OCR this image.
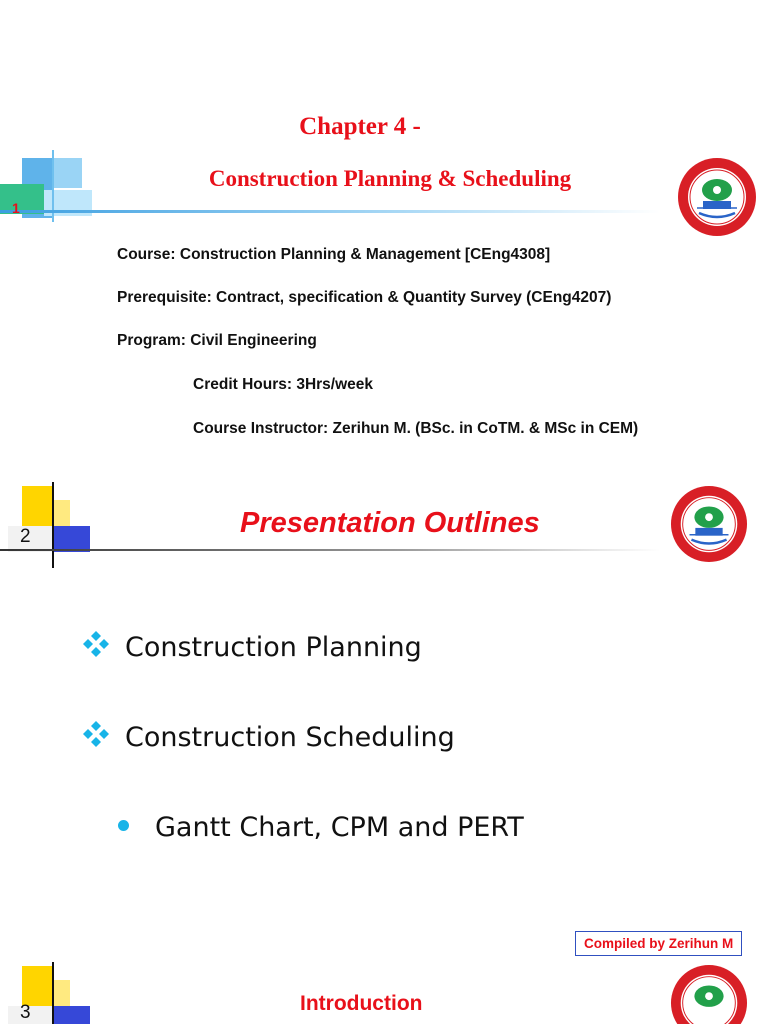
1
Chapter 4 -
Construction Planning & Scheduling
Course: Construction Planning & Management [CEng4308]
Prerequisite: Contract, specification & Quantity Survey (CEng4207)
Program: Civil Engineering
Credit Hours: 3Hrs/week
Course Instructor: Zerihun M. (BSc. in CoTM. & MSc in CEM)
2	Presentation Outlines
Construction Planning
Construction Scheduling
Gantt Chart, CPM and PERT
Compiled by Zerihun M
3	Introduction
